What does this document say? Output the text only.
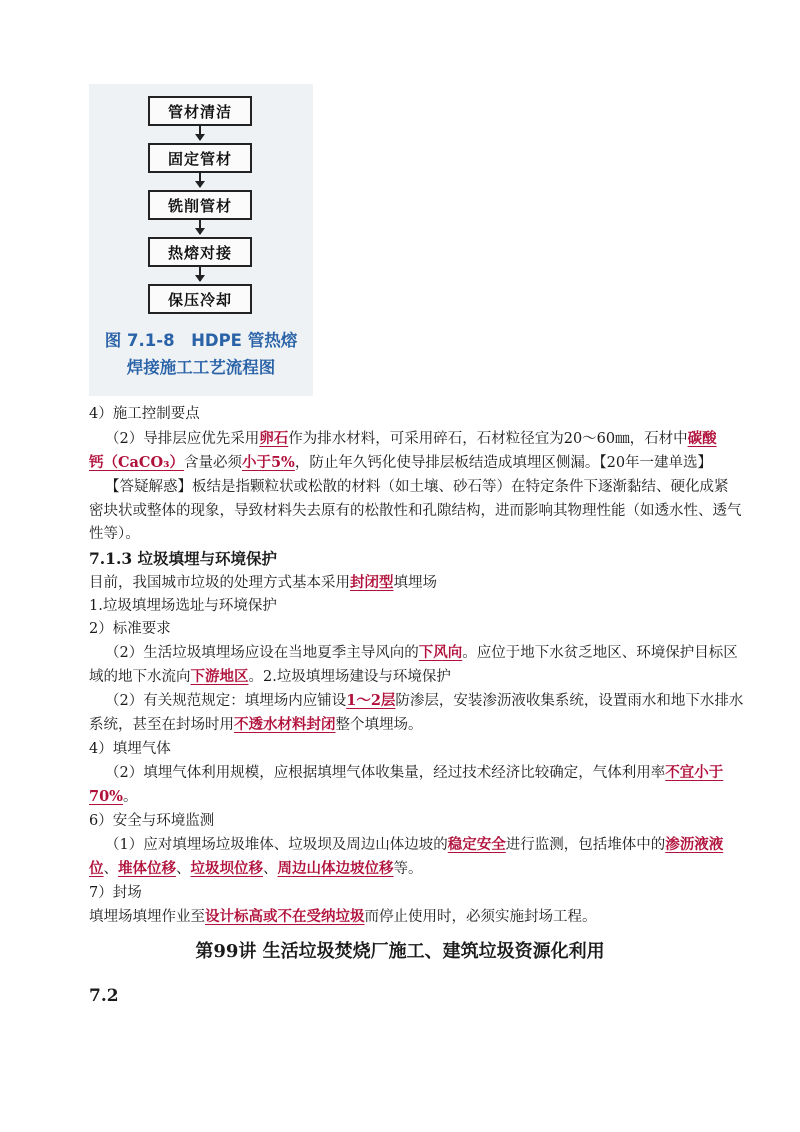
管材清洁
固定管材
铣削管材
热熔对接
保压冷却
图 7.1-8　HDPE 管热熔
焊接施工工艺流程图
4）施工控制要点
（2）导排层应优先采用卵石作为排水材料，可采用碎石，石材粒径宜为20～60㎜，石材中碳酸
钙（CaCO₃）含量必须小于5%，防止年久钙化使导排层板结造成填埋区侧漏。【20年一建单选】
【答疑解惑】板结是指颗粒状或松散的材料（如土壤、砂石等）在特定条件下逐渐黏结、硬化成紧
密块状或整体的现象，导致材料失去原有的松散性和孔隙结构，进而影响其物理性能（如透水性、透气
性等）。
7.1.3 垃圾填埋与环境保护
目前，我国城市垃圾的处理方式基本采用封闭型填埋场
1.垃圾填埋场选址与环境保护
2）标准要求
（2）生活垃圾填埋场应设在当地夏季主导风向的下风向。应位于地下水贫乏地区、环境保护目标区
域的地下水流向下游地区。2.垃圾填埋场建设与环境保护
（2）有关规范规定：填埋场内应铺设1～2层防渗层，安装渗沥液收集系统，设置雨水和地下水排水
系统，甚至在封场时用不透水材料封闭整个填埋场。
4）填埋气体
（2）填埋气体利用规模，应根据填埋气体收集量，经过技术经济比较确定，气体利用率不宜小于
70%。
6）安全与环境监测
（1）应对填埋场垃圾堆体、垃圾坝及周边山体边坡的稳定安全进行监测，包括堆体中的渗沥液液
位、堆体位移、垃圾坝位移、周边山体边坡位移等。
7）封场
填埋场填埋作业至设计标高或不在受纳垃圾而停止使用时，必须实施封场工程。
第99讲 生活垃圾焚烧厂施工、建筑垃圾资源化利用
7.2
